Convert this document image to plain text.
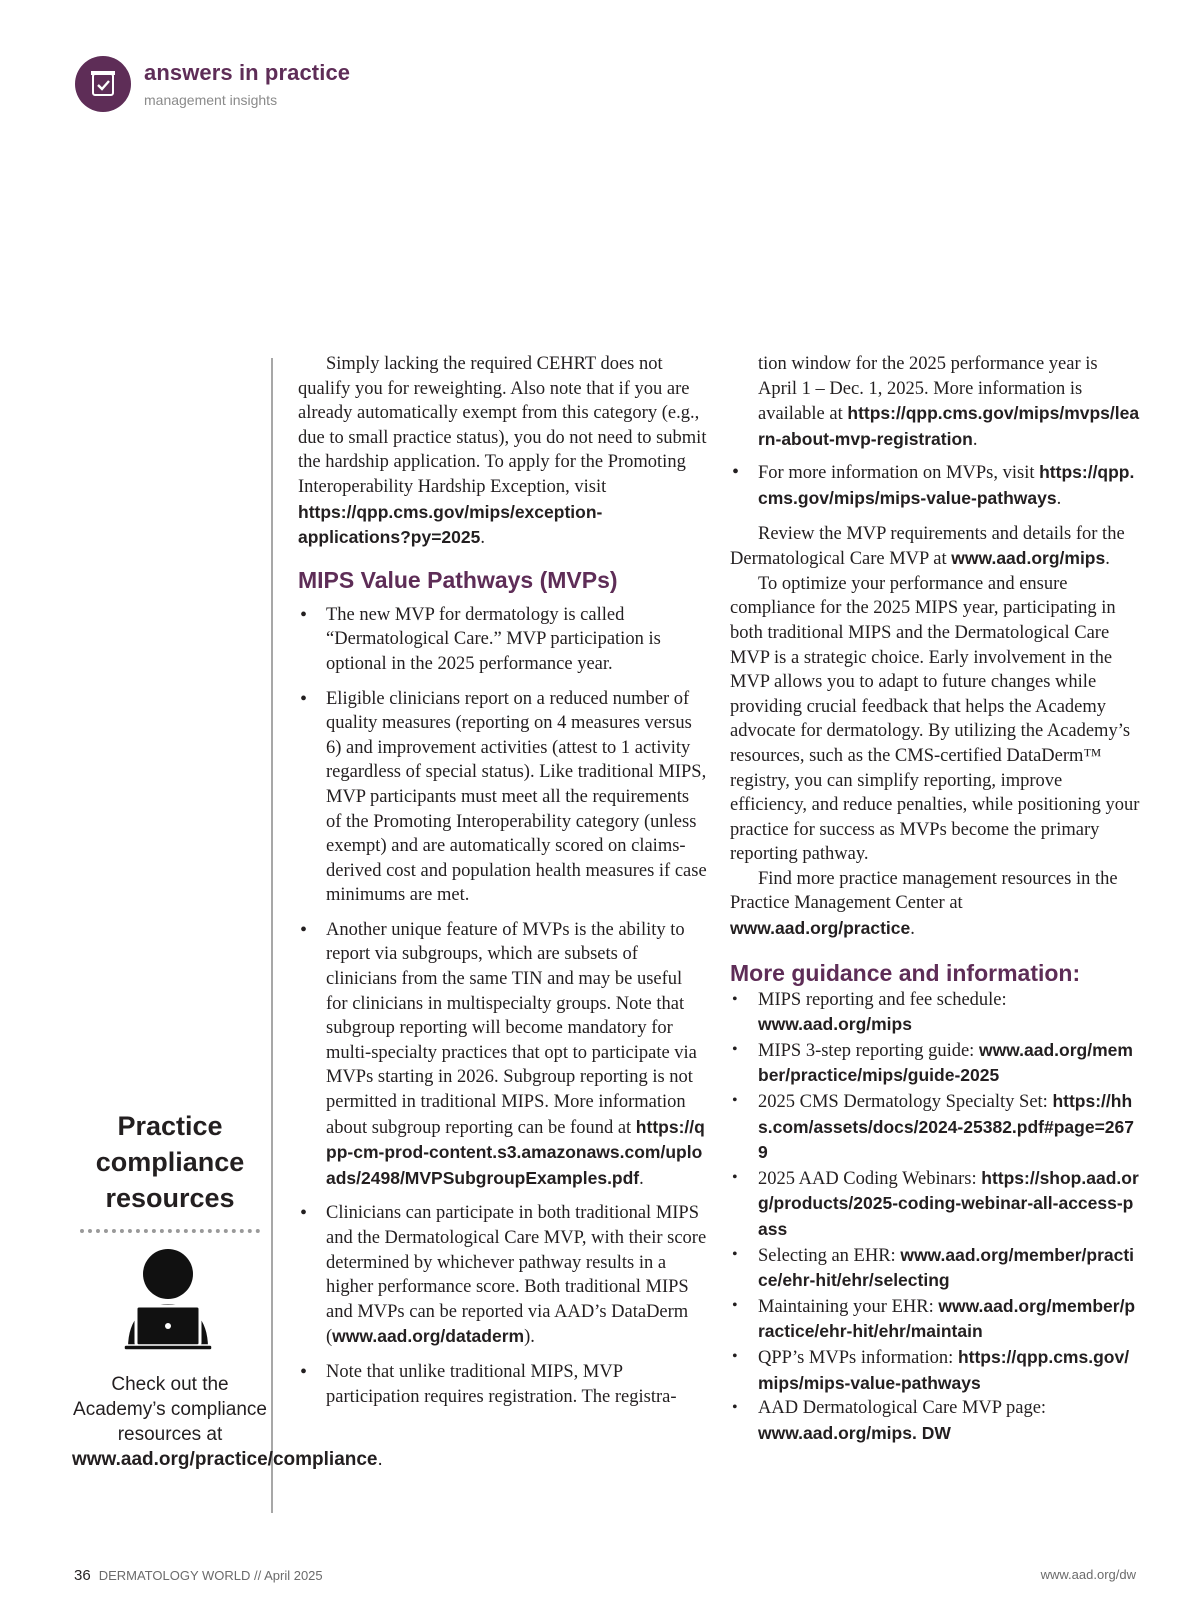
answers in practice
management insights
Practice compliance resources
Check out the Academy’s compliance resources at www.aad.org/practice/compliance.

Simply lacking the required CEHRT does not qualify you for reweighting. Also note that if you are already automatically exempt from this category (e.g., due to small practice status), you do not need to submit the hardship application. To apply for the Promoting Interoperability Hardship Exception, visit https://qpp.cms.gov/mips/exception-applications?py=2025.

MIPS Value Pathways (MVPs)
• The new MVP for dermatology is called “Dermatological Care.” MVP participation is optional in the 2025 performance year.
• Eligible clinicians report on a reduced number of quality measures (reporting on 4 measures versus 6) and improvement activities (attest to 1 activity regardless of special status). Like traditional MIPS, MVP participants must meet all the requirements of the Promoting Interoperability category (unless exempt) and are automatically scored on claims-derived cost and population health measures if case minimums are met.
• Another unique feature of MVPs is the ability to report via subgroups, which are subsets of clinicians from the same TIN and may be useful for clinicians in multispecialty groups. Note that subgroup reporting will become mandatory for multi-specialty practices that opt to participate via MVPs starting in 2026. Subgroup reporting is not permitted in traditional MIPS. More information about subgroup reporting can be found at https://qpp-cm-prod-content.s3.amazonaws.com/uploads/2498/MVPSubgroupExamples.pdf.
• Clinicians can participate in both traditional MIPS and the Dermatological Care MVP, with their score determined by whichever pathway results in a higher performance score. Both traditional MIPS and MVPs can be reported via AAD’s DataDerm (www.aad.org/dataderm).
• Note that unlike traditional MIPS, MVP participation requires registration. The registra-

tion window for the 2025 performance year is April 1 – Dec. 1, 2025. More information is available at https://qpp.cms.gov/mips/mvps/learn-about-mvp-registration.

• For more information on MVPs, visit https://qpp.cms.gov/mips/mips-value-pathways.

Review the MVP requirements and details for the Dermatological Care MVP at www.aad.org/mips.

To optimize your performance and ensure compliance for the 2025 MIPS year, participating in both traditional MIPS and the Dermatological Care MVP is a strategic choice. Early involvement in the MVP allows you to adapt to future changes while providing crucial feedback that helps the Academy advocate for dermatology. By utilizing the Academy’s resources, such as the CMS-certified DataDerm™ registry, you can simplify reporting, improve efficiency, and reduce penalties, while positioning your practice for success as MVPs become the primary reporting pathway.

Find more practice management resources in the Practice Management Center at www.aad.org/practice.

More guidance and information:
• MIPS reporting and fee schedule: www.aad.org/mips
• MIPS 3-step reporting guide: www.aad.org/member/practice/mips/guide-2025
• 2025 CMS Dermatology Specialty Set: https://hhs.com/assets/docs/2024-25382.pdf#page=2679
• 2025 AAD Coding Webinars: https://shop.aad.org/products/2025-coding-webinar-all-access-pass
• Selecting an EHR: www.aad.org/member/practice/ehr-hit/ehr/selecting
• Maintaining your EHR: www.aad.org/member/practice/ehr-hit/ehr/maintain
• QPP’s MVPs information: https://qpp.cms.gov/mips/mips-value-pathways
• AAD Dermatological Care MVP page: www.aad.org/mips. DW
36 DERMATOLOGY WORLD // April 2025	www.aad.org/dw
